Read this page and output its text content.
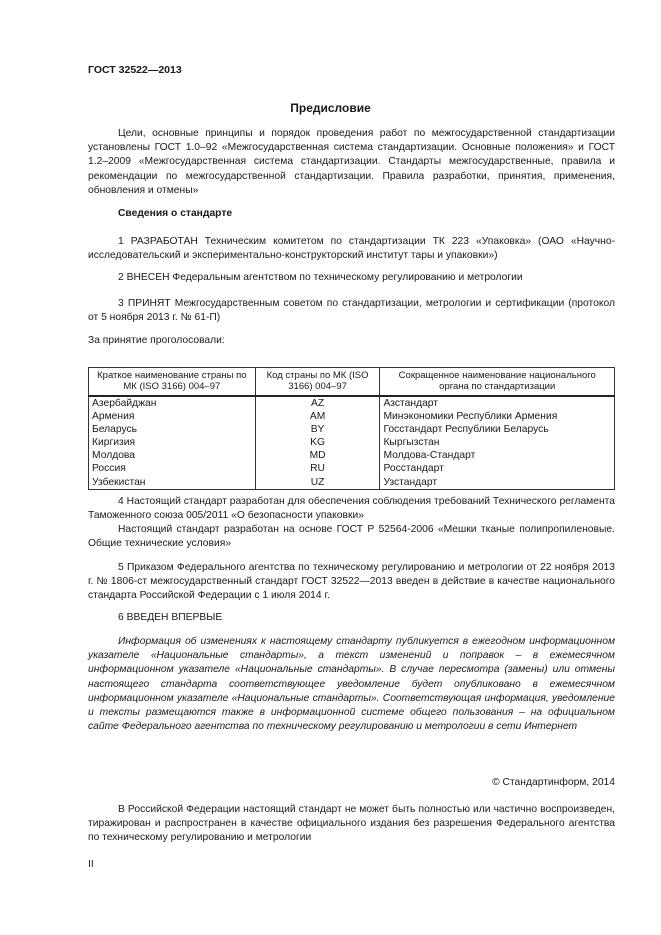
ГОСТ 32522—2013
Предисловие
Цели, основные принципы и порядок проведения работ по межгосударственной стандартизации установлены ГОСТ 1.0–92 «Межгосударственная система стандартизации. Основные положения» и ГОСТ 1.2–2009 «Межгосударственная система стандартизации. Стандарты межгосударственные, правила и рекомендации по межгосударственной стандартизации. Правила разработки, принятия, применения, обновления и отмены»
Сведения о стандарте
1 РАЗРАБОТАН Техническим комитетом по стандартизации ТК 223 «Упаковка» (ОАО «Научно-исследовательский и экспериментально-конструкторский институт тары и упаковки»)
2 ВНЕСЕН Федеральным агентством по техническому регулированию и метрологии
3 ПРИНЯТ Межгосударственным советом по стандартизации, метрологии и сертификации (протокол от 5 ноября 2013 г. № 61-П)
За принятие проголосовали:
Краткое наименование страны по МК (ISO 3166) 004–97	Код страны по МК (ISO 3166) 004–97	Сокращенное наименование национального органа по стандартизации
Азербайджан	AZ	Азстандарт
Армения	AM	Минэкономики Республики Армения
Беларусь	BY	Госстандарт Республики Беларусь
Киргизия	KG	Кыргызстан
Молдова	MD	Молдова-Стандарт
Россия	RU	Росстандарт
Узбекистан	UZ	Узстандарт
4 Настоящий стандарт разработан для обеспечения соблюдения требований Технического регламента Таможенного союза 005/2011 «О безопасности упаковки»
Настоящий стандарт разработан на основе ГОСТ Р 52564-2006 «Мешки тканые полипропиленовые. Общие технические условия»
5 Приказом Федерального агентства по техническому регулированию и метрологии от 22 ноября 2013 г. № 1806-ст межгосударственный стандарт ГОСТ 32522—2013 введен в действие в качестве национального стандарта Российской Федерации с 1 июля 2014 г.
6 ВВЕДЕН ВПЕРВЫЕ
Информация об изменениях к настоящему стандарту публикуется в ежегодном информационном указателе «Национальные стандарты», а текст изменений и поправок – в ежемесячном информационном указателе «Национальные стандарты». В случае пересмотра (замены) или отмены настоящего стандарта соответствующее уведомление будет опубликовано в ежемесячном информационном указателе «Национальные стандарты». Соответствующая информация, уведомление и тексты размещаются также в информационной системе общего пользования – на официальном сайте Федерального агентства по техническому регулированию и метрологии в сети Интернет
© Стандартинформ, 2014
В Российской Федерации настоящий стандарт не может быть полностью или частично воспроизведен, тиражирован и распространен в качестве официального издания без разрешения Федерального агентства по техническому регулированию и метрологии
II
